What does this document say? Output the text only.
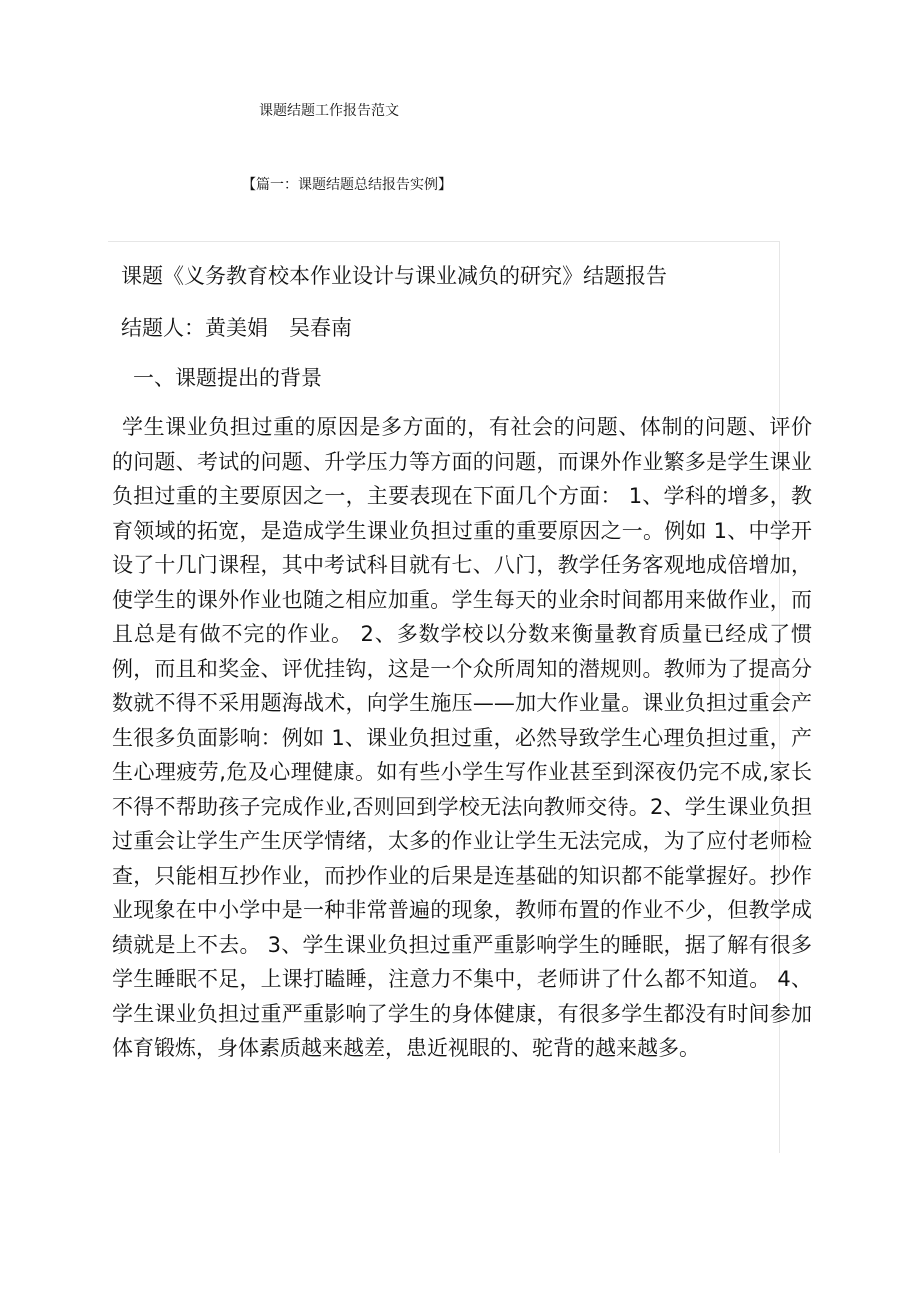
课题结题工作报告范文
【篇一：课题结题总结报告实例】
课题《义务教育校本作业设计与课业减负的研究》结题报告
结题人：黄美娟　吴春南
一、课题提出的背景

学生课业负担过重的原因是多方面的，有社会的问题、体制的问题、评价的问题、考试的问题、升学压力等方面的问题，而课外作业繁多是学生课业负担过重的主要原因之一，主要表现在下面几个方面： 1、学科的增多，教育领域的拓宽，是造成学生课业负担过重的重要原因之一。例如 1、中学开设了十几门课程，其中考试科目就有七、八门，教学任务客观地成倍增加，使学生的课外作业也随之相应加重。学生每天的业余时间都用来做作业，而且总是有做不完的作业。 2、多数学校以分数来衡量教育质量已经成了惯例，而且和奖金、评优挂钩，这是一个众所周知的潜规则。教师为了提高分数就不得不采用题海战术，向学生施压——加大作业量。课业负担过重会产生很多负面影响：例如 1、课业负担过重，必然导致学生心理负担过重，产生心理疲劳,危及心理健康。如有些小学生写作业甚至到深夜仍完不成,家长不得不帮助孩子完成作业,否则回到学校无法向教师交待。2、学生课业负担过重会让学生产生厌学情绪，太多的作业让学生无法完成，为了应付老师检查，只能相互抄作业，而抄作业的后果是连基础的知识都不能掌握好。抄作业现象在中小学中是一种非常普遍的现象，教师布置的作业不少，但教学成绩就是上不去。 3、学生课业负担过重严重影响学生的睡眠，据了解有很多学生睡眠不足，上课打瞌睡，注意力不集中，老师讲了什么都不知道。 4、学生课业负担过重严重影响了学生的身体健康，有很多学生都没有时间参加体育锻炼，身体素质越来越差，患近视眼的、驼背的越来越多。
